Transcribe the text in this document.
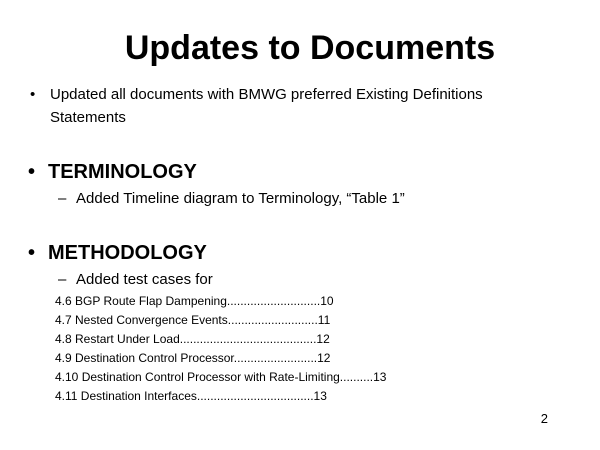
Updates to Documents
• Updated all documents with BMWG preferred Existing Definitions Statements
• TERMINOLOGY
– Added Timeline diagram to Terminology, “Table 1”
• METHODOLOGY
– Added test cases for
4.6 BGP Route Flap Dampening............................10
4.7 Nested Convergence Events...........................11
4.8 Restart Under Load.........................................12
4.9 Destination Control Processor.........................12
4.10 Destination Control Processor with Rate-Limiting..........13
4.11 Destination Interfaces...................................13
2
